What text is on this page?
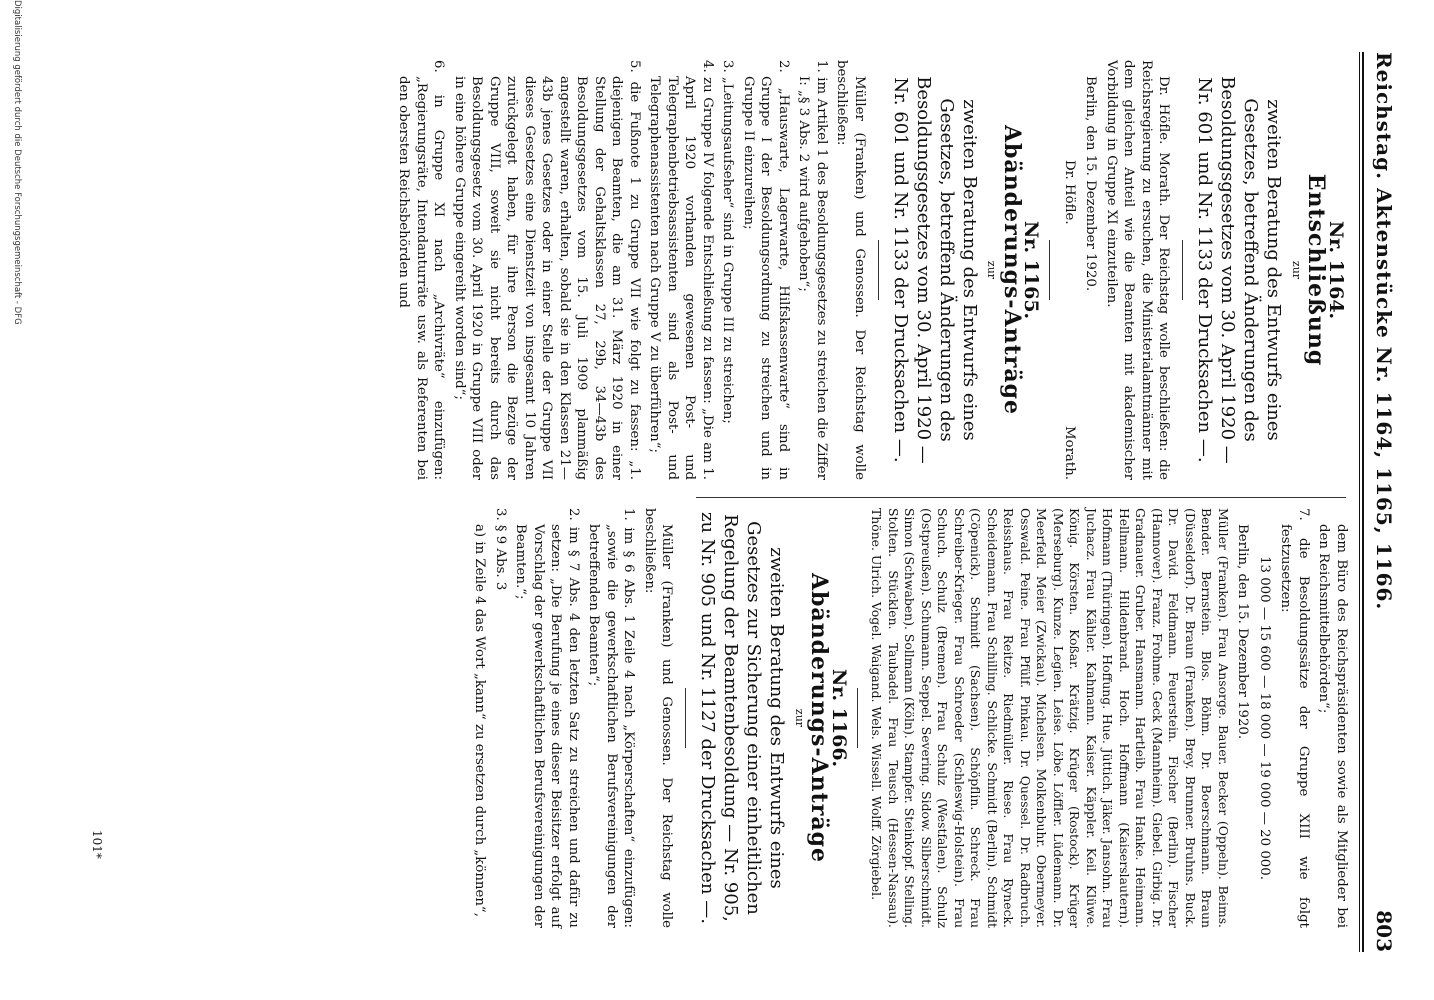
Reichstag. Aktenstücke Nr. 1164, 1165, 1166.
803
Nr. 1164.
Entschließung
zur
zweiten Beratung des Entwurfs eines Gesetzes, betreffend Änderungen des Besoldungsgesetzes vom 30. April 1920 — Nr. 601 und Nr. 1133 der Drucksachen —.

Dr. Höfle. Morath. Der Reichstag wolle beschließen: die Reichsregierung zu ersuchen, die Ministerialamtmänner mit dem gleichen Anteil wie die Beamten mit akademischer Vorbildung in Gruppe XI einzuteilen.

Berlin, den 15. Dezember 1920.

Dr. Höfle.
Morath.
Nr. 1165.
Abänderungs-Anträge
zur
zweiten Beratung des Entwurfs eines Gesetzes, betreffend Änderungen des Besoldungsgesetzes vom 30. April 1920 — Nr. 601 und Nr. 1133 der Drucksachen —.

Müller (Franken) und Genossen. Der Reichstag wolle beschließen:

1. im Artikel 1 des Besoldungsgesetzes zu streichen die Ziffer I: „§ 3 Abs. 2 wird aufgehoben“;
2. „Hauswarte, Lagerwarte, Hilfskassenwarte“ sind in Gruppe I der Besoldungsordnung zu streichen und in Gruppe II einzureihen;
3. „Leitungsaufseher“ sind in Gruppe III zu streichen;
4. zu Gruppe IV folgende Entschließung zu fassen: „Die am 1. April 1920 vorhanden gewesenen Post- und Telegraphenbetriebsassistenten sind als Post- und Telegraphenassistenten nach Gruppe V zu überführen“;
5. die Fußnote 1 zu Gruppe VII wie folgt zu fassen: „1. diejenigen Beamten, die am 31. März 1920 in einer Stellung der Gehaltsklassen 27, 29b, 34—43b des Besoldungsgesetzes vom 15. Juli 1909 planmäßig angestellt waren, erhalten, sobald sie in den Klassen 21—43b jenes Gesetzes oder in einer Stelle der Gruppe VII dieses Gesetzes eine Dienstzeit von insgesamt 10 Jahren zurückgelegt haben, für ihre Person die Bezüge der Gruppe VIII, soweit sie nicht bereits durch das Besoldungsgesetz vom 30. April 1920 in Gruppe VIII oder in eine höhere Gruppe eingereiht worden sind“;
6. in Gruppe XI nach „Archivräte“ einzufügen: „Regierungsräte, Intendanturräte usw. als Referenten bei den obersten Reichsbehörden und

dem Büro des Reichspräsidenten sowie als Mitglieder bei den Reichsmittelbehörden“;

7. die Besoldungssätze der Gruppe XIII wie folgt festzusetzen:

13 000 — 15 600 — 18 000 — 19 000 — 20 000.

Berlin, den 15. Dezember 1920.

Müller (Franken). Frau Ansorge. Bauer. Becker (Oppeln). Beims. Bender. Bernstein. Blos. Böhm. Dr. Boerschmann. Braun (Düsseldorf). Dr. Braun (Franken). Brey. Brunner. Bruhns. Buck. Dr. David. Feldmann. Feuerstein. Fischer (Berlin). Fischer (Hannover). Franz. Frohme. Geck (Mannheim). Giebel. Girbig. Dr. Gradnauer. Gruber. Hansmann. Hartleib. Frau Hanke. Heimann. Hellmann. Hildenbrand. Hoch. Hoffmann (Kaiserslautern). Hofmann (Thüringen). Hoffung. Hue. Jüttich. Jäker. Jansohn. Frau Juchacz. Frau Kähler. Kahmann. Kaiser. Käppler. Keil. Klüwe. König. Körsten. Koßar. Krätzig. Krüger (Rostock). Krüger (Merseburg). Kunze. Legien. Leise. Löbe. Löffler. Lüdemann. Dr. Meerfeld. Meier (Zwickau). Michelsen. Molkenbuhr. Obermeyer. Osswald. Peine. Frau Pfülf. Pinkau. Dr. Quessel. Dr. Radbruch. Reisshaus. Frau Reitze. Riedmüller. Riese. Frau Ryneck. Scheidemann. Frau Schilling. Schlicke. Schmidt (Berlin). Schmidt (Cöpenick). Schmidt (Sachsen). Schöpflin. Schreck. Frau Schreiber-Krieger. Frau Schroeder (Schleswig-Holstein). Frau Schuch. Schulz (Bremen). Frau Schulz (Westfalen). Schulz (Ostpreußen). Schumann. Seppel. Severing. Sidow. Silberschmidt. Simon (Schwaben). Sollmann (Köln). Stampfer. Steinkopf. Stelling. Stolten. Stücklen. Taubadel. Frau Teusch (Hessen-Nassau). Thöne. Ulrich. Vogel. Waigand. Wels. Wissell. Wolff. Zörgiebel.

Nr. 1166.
Abänderungs-Anträge
zur
zweiten Beratung des Entwurfs eines Gesetzes zur Sicherung einer einheitlichen Regelung der Beamtenbesoldung — Nr. 905, zu Nr. 905 und Nr. 1127 der Drucksachen —.

Müller (Franken) und Genossen. Der Reichstag wolle beschließen:

1. im § 6 Abs. 1 Zeile 4 nach „Körperschaften“ einzufügen: „sowie die gewerkschaftlichen Berufsvereinigungen der betreffenden Beamten“;
2. im § 7 Abs. 4 den letzten Satz zu streichen und dafür zu setzen: „Die Berufung je eines dieser Beisitzer erfolgt auf Vorschlag der gewerkschaftlichen Berufsvereinigungen der Beamten.“;
3. § 9 Abs. 3
a) in Zeile 4 das Wort „kann“ zu ersetzen durch „können“,
101*
Digitalisierung gefördert durch die Deutsche Forschungsgemeinschaft - DFG
